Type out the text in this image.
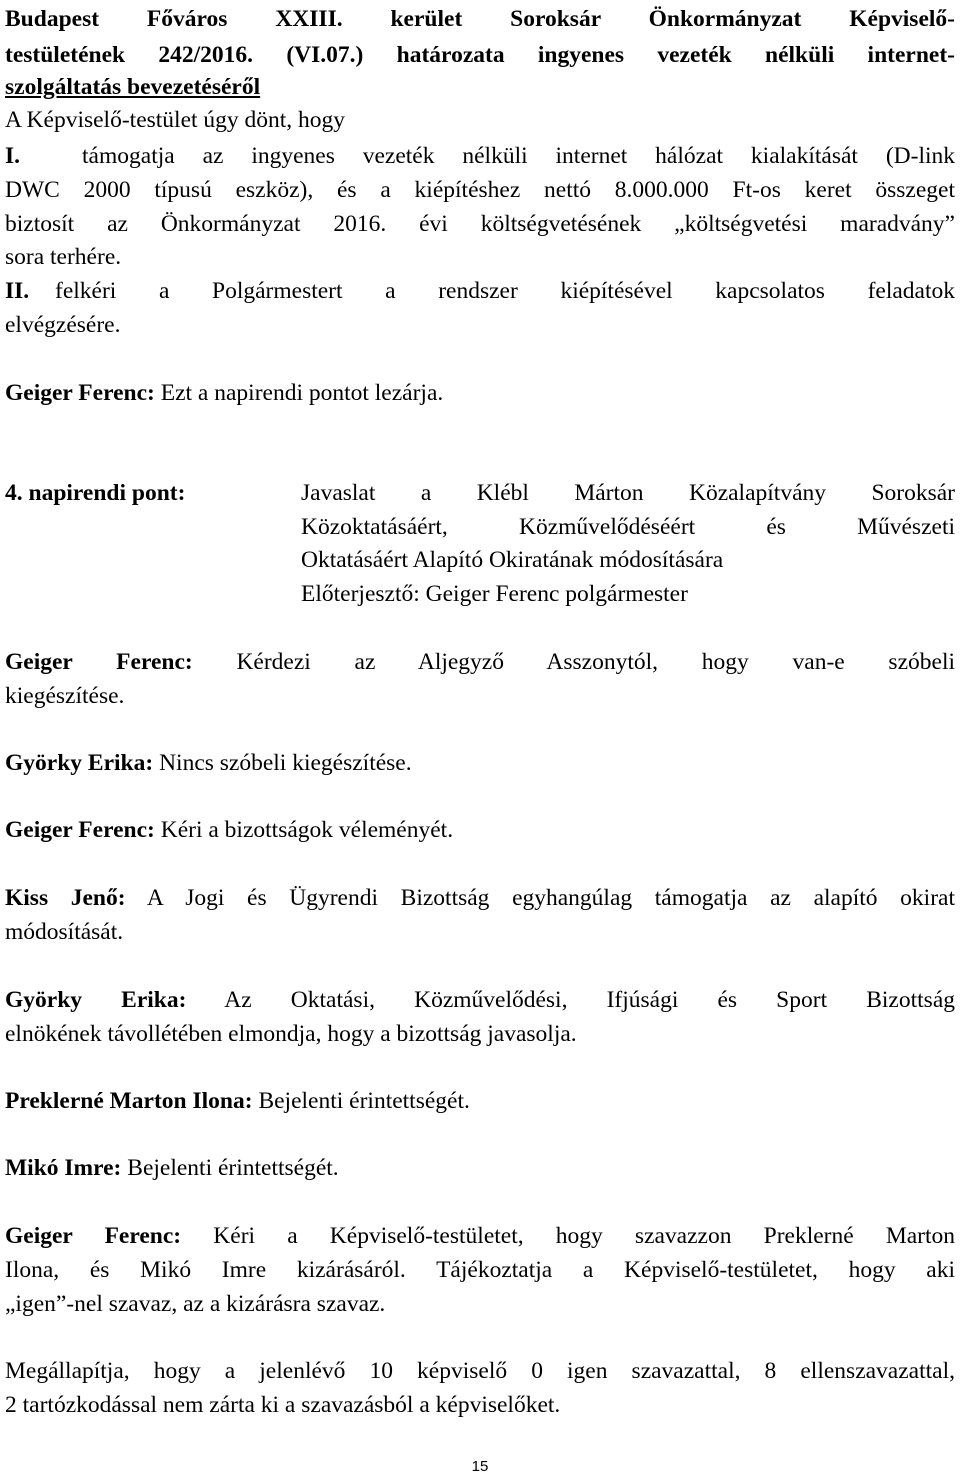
Budapest Főváros XXIII. kerület Soroksár Önkormányzat Képviselő-
testületének 242/2016. (VI.07.) határozata ingyenes vezeték nélküli internet-
szolgáltatás bevezetéséről
A Képviselő-testület úgy dönt, hogy
I.	támogatja az ingyenes vezeték nélküli internet hálózat kialakítását (D-link
DWC 2000 típusú eszköz), és a kiépítéshez nettó 8.000.000 Ft-os keret összeget
biztosít az Önkormányzat 2016. évi költségvetésének „költségvetési maradvány”
sora terhére.
II. felkéri a Polgármestert a rendszer kiépítésével kapcsolatos feladatok
elvégzésére.
Geiger Ferenc: Ezt a napirendi pontot lezárja.
4. napirendi pont:	Javaslat a Klébl Márton Közalapítvány Soroksár
Közoktatásáért, Közművelődéséért és Művészeti
Oktatásáért Alapító Okiratának módosítására
Előterjesztő: Geiger Ferenc polgármester
Geiger Ferenc: Kérdezi az Aljegyző Asszonytól, hogy van-e szóbeli
kiegészítése.
Györky Erika: Nincs szóbeli kiegészítése.
Geiger Ferenc: Kéri a bizottságok véleményét.
Kiss Jenő: A Jogi és Ügyrendi Bizottság egyhangúlag támogatja az alapító okirat
módosítását.
Györky Erika: Az Oktatási, Közművelődési, Ifjúsági és Sport Bizottság
elnökének távollétében elmondja, hogy a bizottság javasolja.
Preklerné Marton Ilona: Bejelenti érintettségét.
Mikó Imre: Bejelenti érintettségét.
Geiger Ferenc: Kéri a Képviselő-testületet, hogy szavazzon Preklerné Marton
Ilona, és Mikó Imre kizárásáról. Tájékoztatja a Képviselő-testületet, hogy aki
„igen”-nel szavaz, az a kizárásra szavaz.
Megállapítja, hogy a jelenlévő 10 képviselő 0 igen szavazattal, 8 ellenszavazattal,
2 tartózkodással nem zárta ki a szavazásból a képviselőket.
15
